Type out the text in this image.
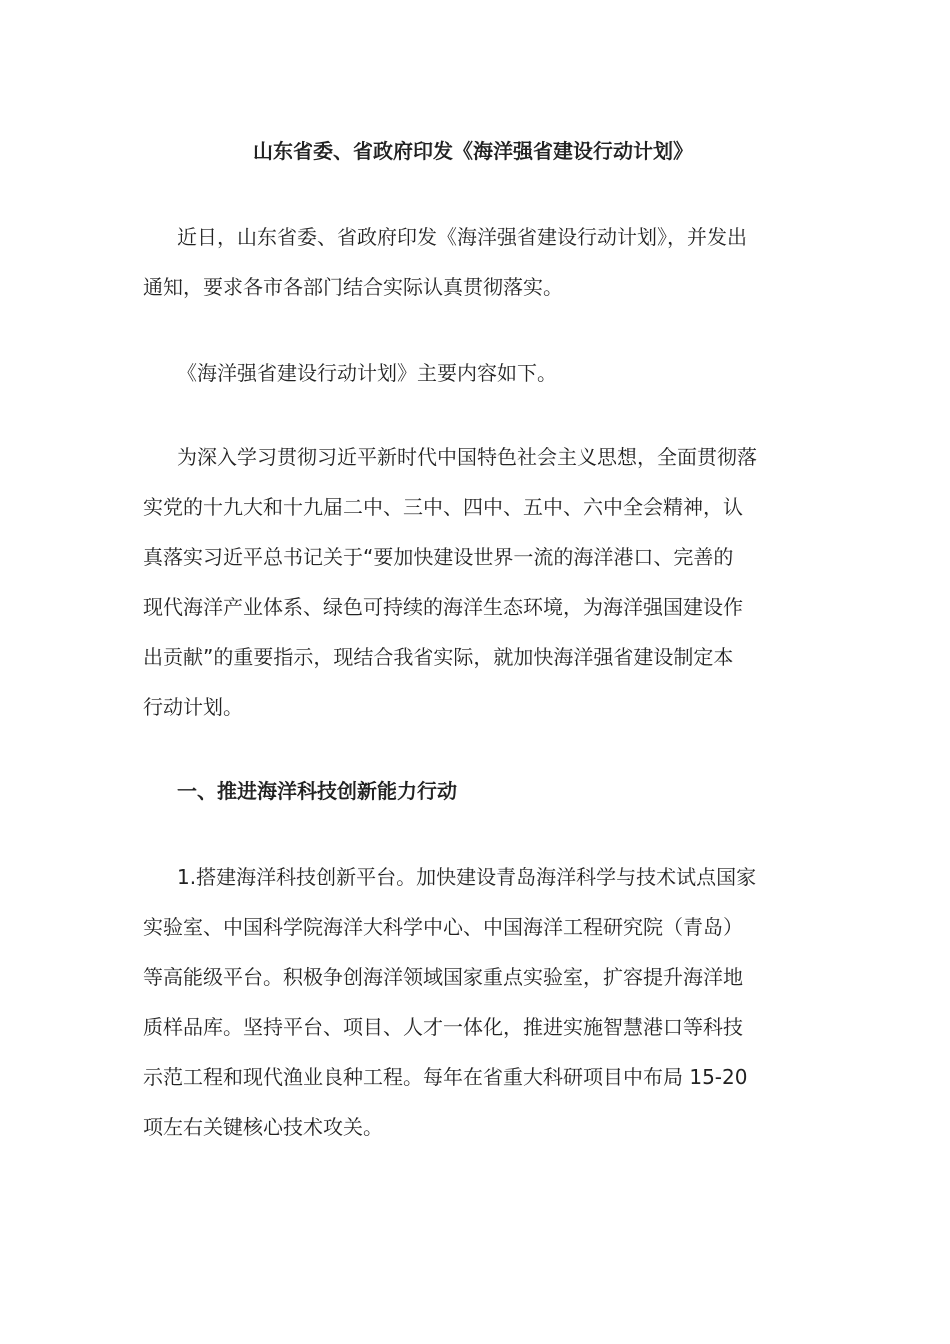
山东省委、省政府印发《海洋强省建设行动计划》
近日，山东省委、省政府印发《海洋强省建设行动计划》，并发出
通知，要求各市各部门结合实际认真贯彻落实。
《海洋强省建设行动计划》主要内容如下。
为深入学习贯彻习近平新时代中国特色社会主义思想，全面贯彻落
实党的十九大和十九届二中、三中、四中、五中、六中全会精神，认
真落实习近平总书记关于“要加快建设世界一流的海洋港口、完善的
现代海洋产业体系、绿色可持续的海洋生态环境，为海洋强国建设作
出贡献”的重要指示，现结合我省实际，就加快海洋强省建设制定本
行动计划。
一、推进海洋科技创新能力行动
1.搭建海洋科技创新平台。加快建设青岛海洋科学与技术试点国家
实验室、中国科学院海洋大科学中心、中国海洋工程研究院（青岛）
等高能级平台。积极争创海洋领域国家重点实验室，扩容提升海洋地
质样品库。坚持平台、项目、人才一体化，推进实施智慧港口等科技
示范工程和现代渔业良种工程。每年在省重大科研项目中布局 15-20
项左右关键核心技术攻关。
